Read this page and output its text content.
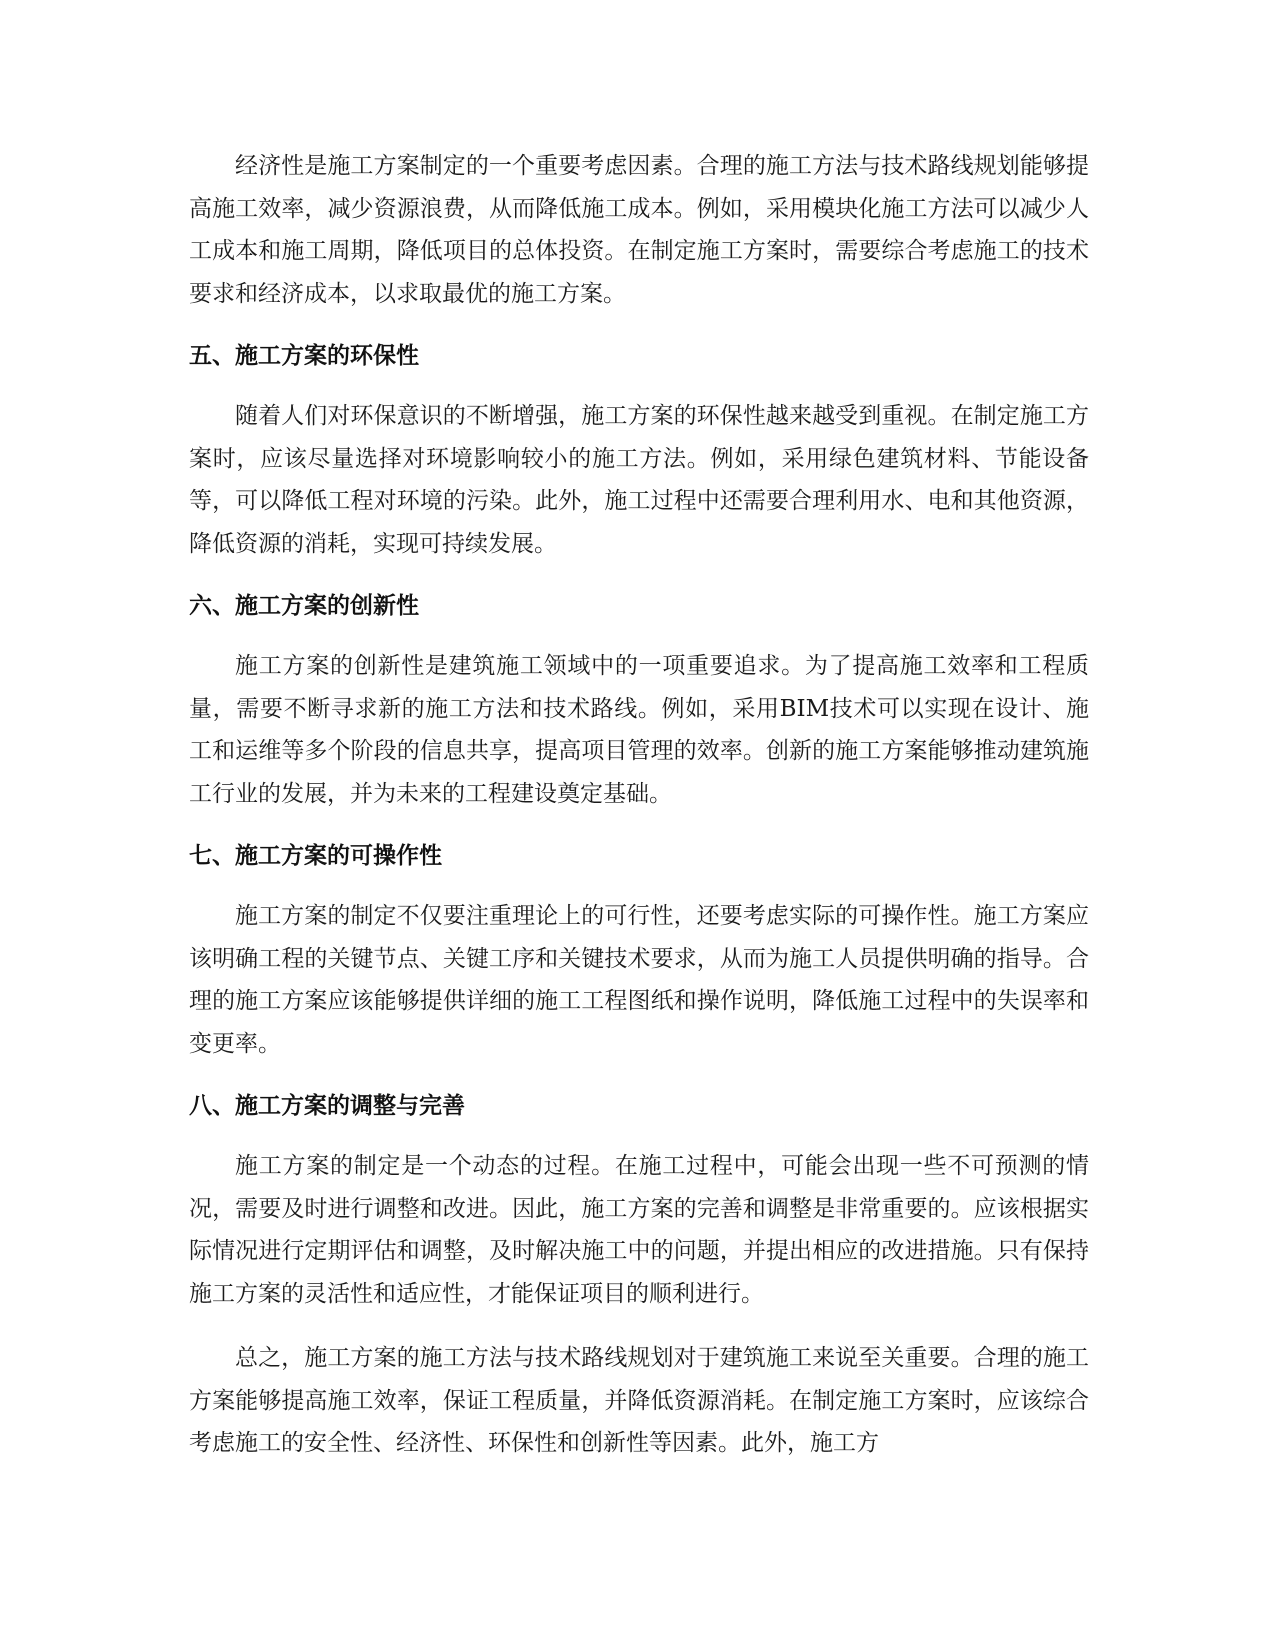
经济性是施工方案制定的一个重要考虑因素。合理的施工方法与技术路线规划能够提高施工效率，减少资源浪费，从而降低施工成本。例如，采用模块化施工方法可以减少人工成本和施工周期，降低项目的总体投资。在制定施工方案时，需要综合考虑施工的技术要求和经济成本，以求取最优的施工方案。

五、施工方案的环保性

随着人们对环保意识的不断增强，施工方案的环保性越来越受到重视。在制定施工方案时，应该尽量选择对环境影响较小的施工方法。例如，采用绿色建筑材料、节能设备等，可以降低工程对环境的污染。此外，施工过程中还需要合理利用水、电和其他资源，降低资源的消耗，实现可持续发展。

六、施工方案的创新性

施工方案的创新性是建筑施工领域中的一项重要追求。为了提高施工效率和工程质量，需要不断寻求新的施工方法和技术路线。例如，采用BIM技术可以实现在设计、施工和运维等多个阶段的信息共享，提高项目管理的效率。创新的施工方案能够推动建筑施工行业的发展，并为未来的工程建设奠定基础。

七、施工方案的可操作性

施工方案的制定不仅要注重理论上的可行性，还要考虑实际的可操作性。施工方案应该明确工程的关键节点、关键工序和关键技术要求，从而为施工人员提供明确的指导。合理的施工方案应该能够提供详细的施工工程图纸和操作说明，降低施工过程中的失误率和变更率。

八、施工方案的调整与完善

施工方案的制定是一个动态的过程。在施工过程中，可能会出现一些不可预测的情况，需要及时进行调整和改进。因此，施工方案的完善和调整是非常重要的。应该根据实际情况进行定期评估和调整，及时解决施工中的问题，并提出相应的改进措施。只有保持施工方案的灵活性和适应性，才能保证项目的顺利进行。

总之，施工方案的施工方法与技术路线规划对于建筑施工来说至关重要。合理的施工方案能够提高施工效率，保证工程质量，并降低资源消耗。在制定施工方案时，应该综合考虑施工的安全性、经济性、环保性和创新性等因素。此外，施工方
